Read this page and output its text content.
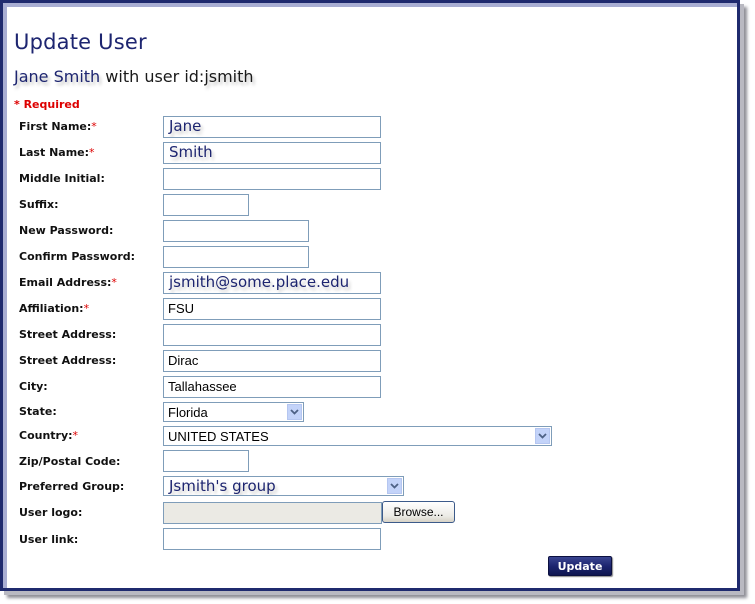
Update User
Jane Smith with user id:jsmith
* Required
First Name:*	Jane
Last Name:*	Smith
Middle Initial:
Suffix:
New Password:
Confirm Password:
Email Address:*	jsmith@some.place.edu
Affiliation:*	FSU
Street Address:
Street Address:	Dirac
City:	Tallahassee
State:	Florida
Country:*	UNITED STATES
Zip/Postal Code:
Preferred Group:	Jsmith's group
User logo:	Browse...
User link:
Update
